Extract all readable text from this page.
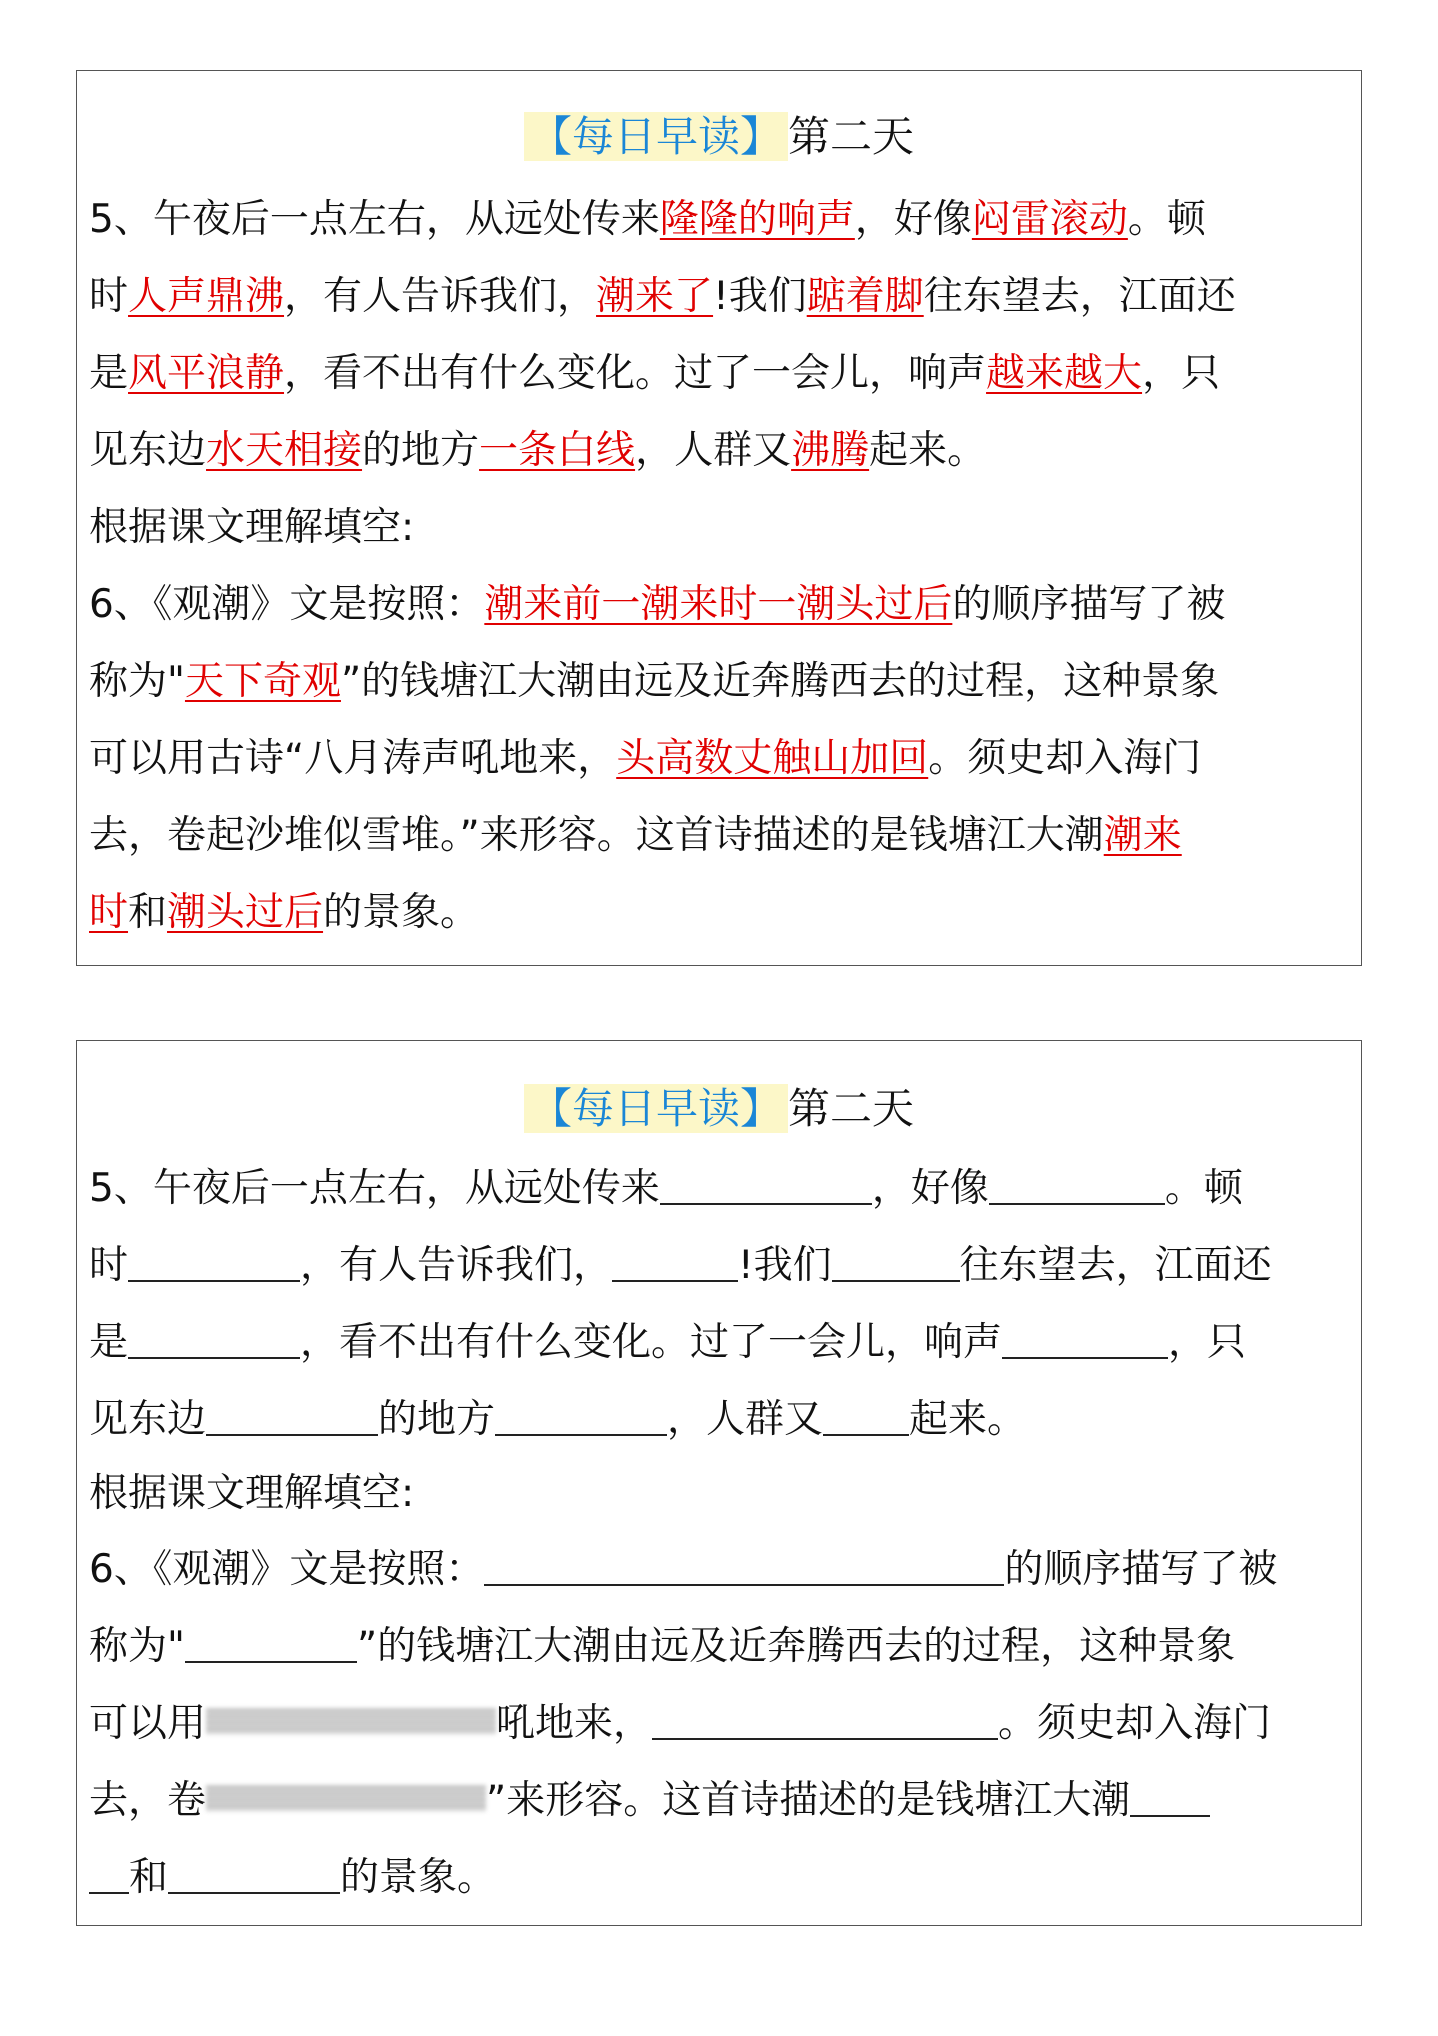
【每日早读】 第二天
5、午夜后一点左右，从远处传来隆隆的响声，好像闷雷滚动。顿
时人声鼎沸，有人告诉我们，潮来了!我们踮着脚往东望去，江面还
是风平浪静，看不出有什么变化。过了一会儿，响声越来越大，只
见东边水天相接的地方一条白线，人群又沸腾起来。
根据课文理解填空:
6、《观潮》文是按照：潮来前一潮来时一潮头过后的顺序描写了被
称为"天下奇观”的钱塘江大潮由远及近奔腾西去的过程，这种景象
可以用古诗“八月涛声吼地来，头高数丈触山加回。须史却入海门
去，卷起沙堆似雪堆。”来形容。这首诗描述的是钱塘江大潮潮来
时和潮头过后的景象。
【每日早读】 第二天
5、午夜后一点左右，从远处传来	，好像	。顿
时	，有人告诉我们，	!我们	往东望去，江面还
是	，看不出有什么变化。过了一会儿，响声	，只
见东边	的地方	，人群又 起来。
根据课文理解填空:
6、《观潮》文是按照：	的顺序描写了被
称为"	”的钱塘江大潮由远及近奔腾西去的过程，这种景象
可以用	吼地来，	。须史却入海门
去，卷	”来形容。这首诗描述的是钱塘江大潮
和	的景象。
